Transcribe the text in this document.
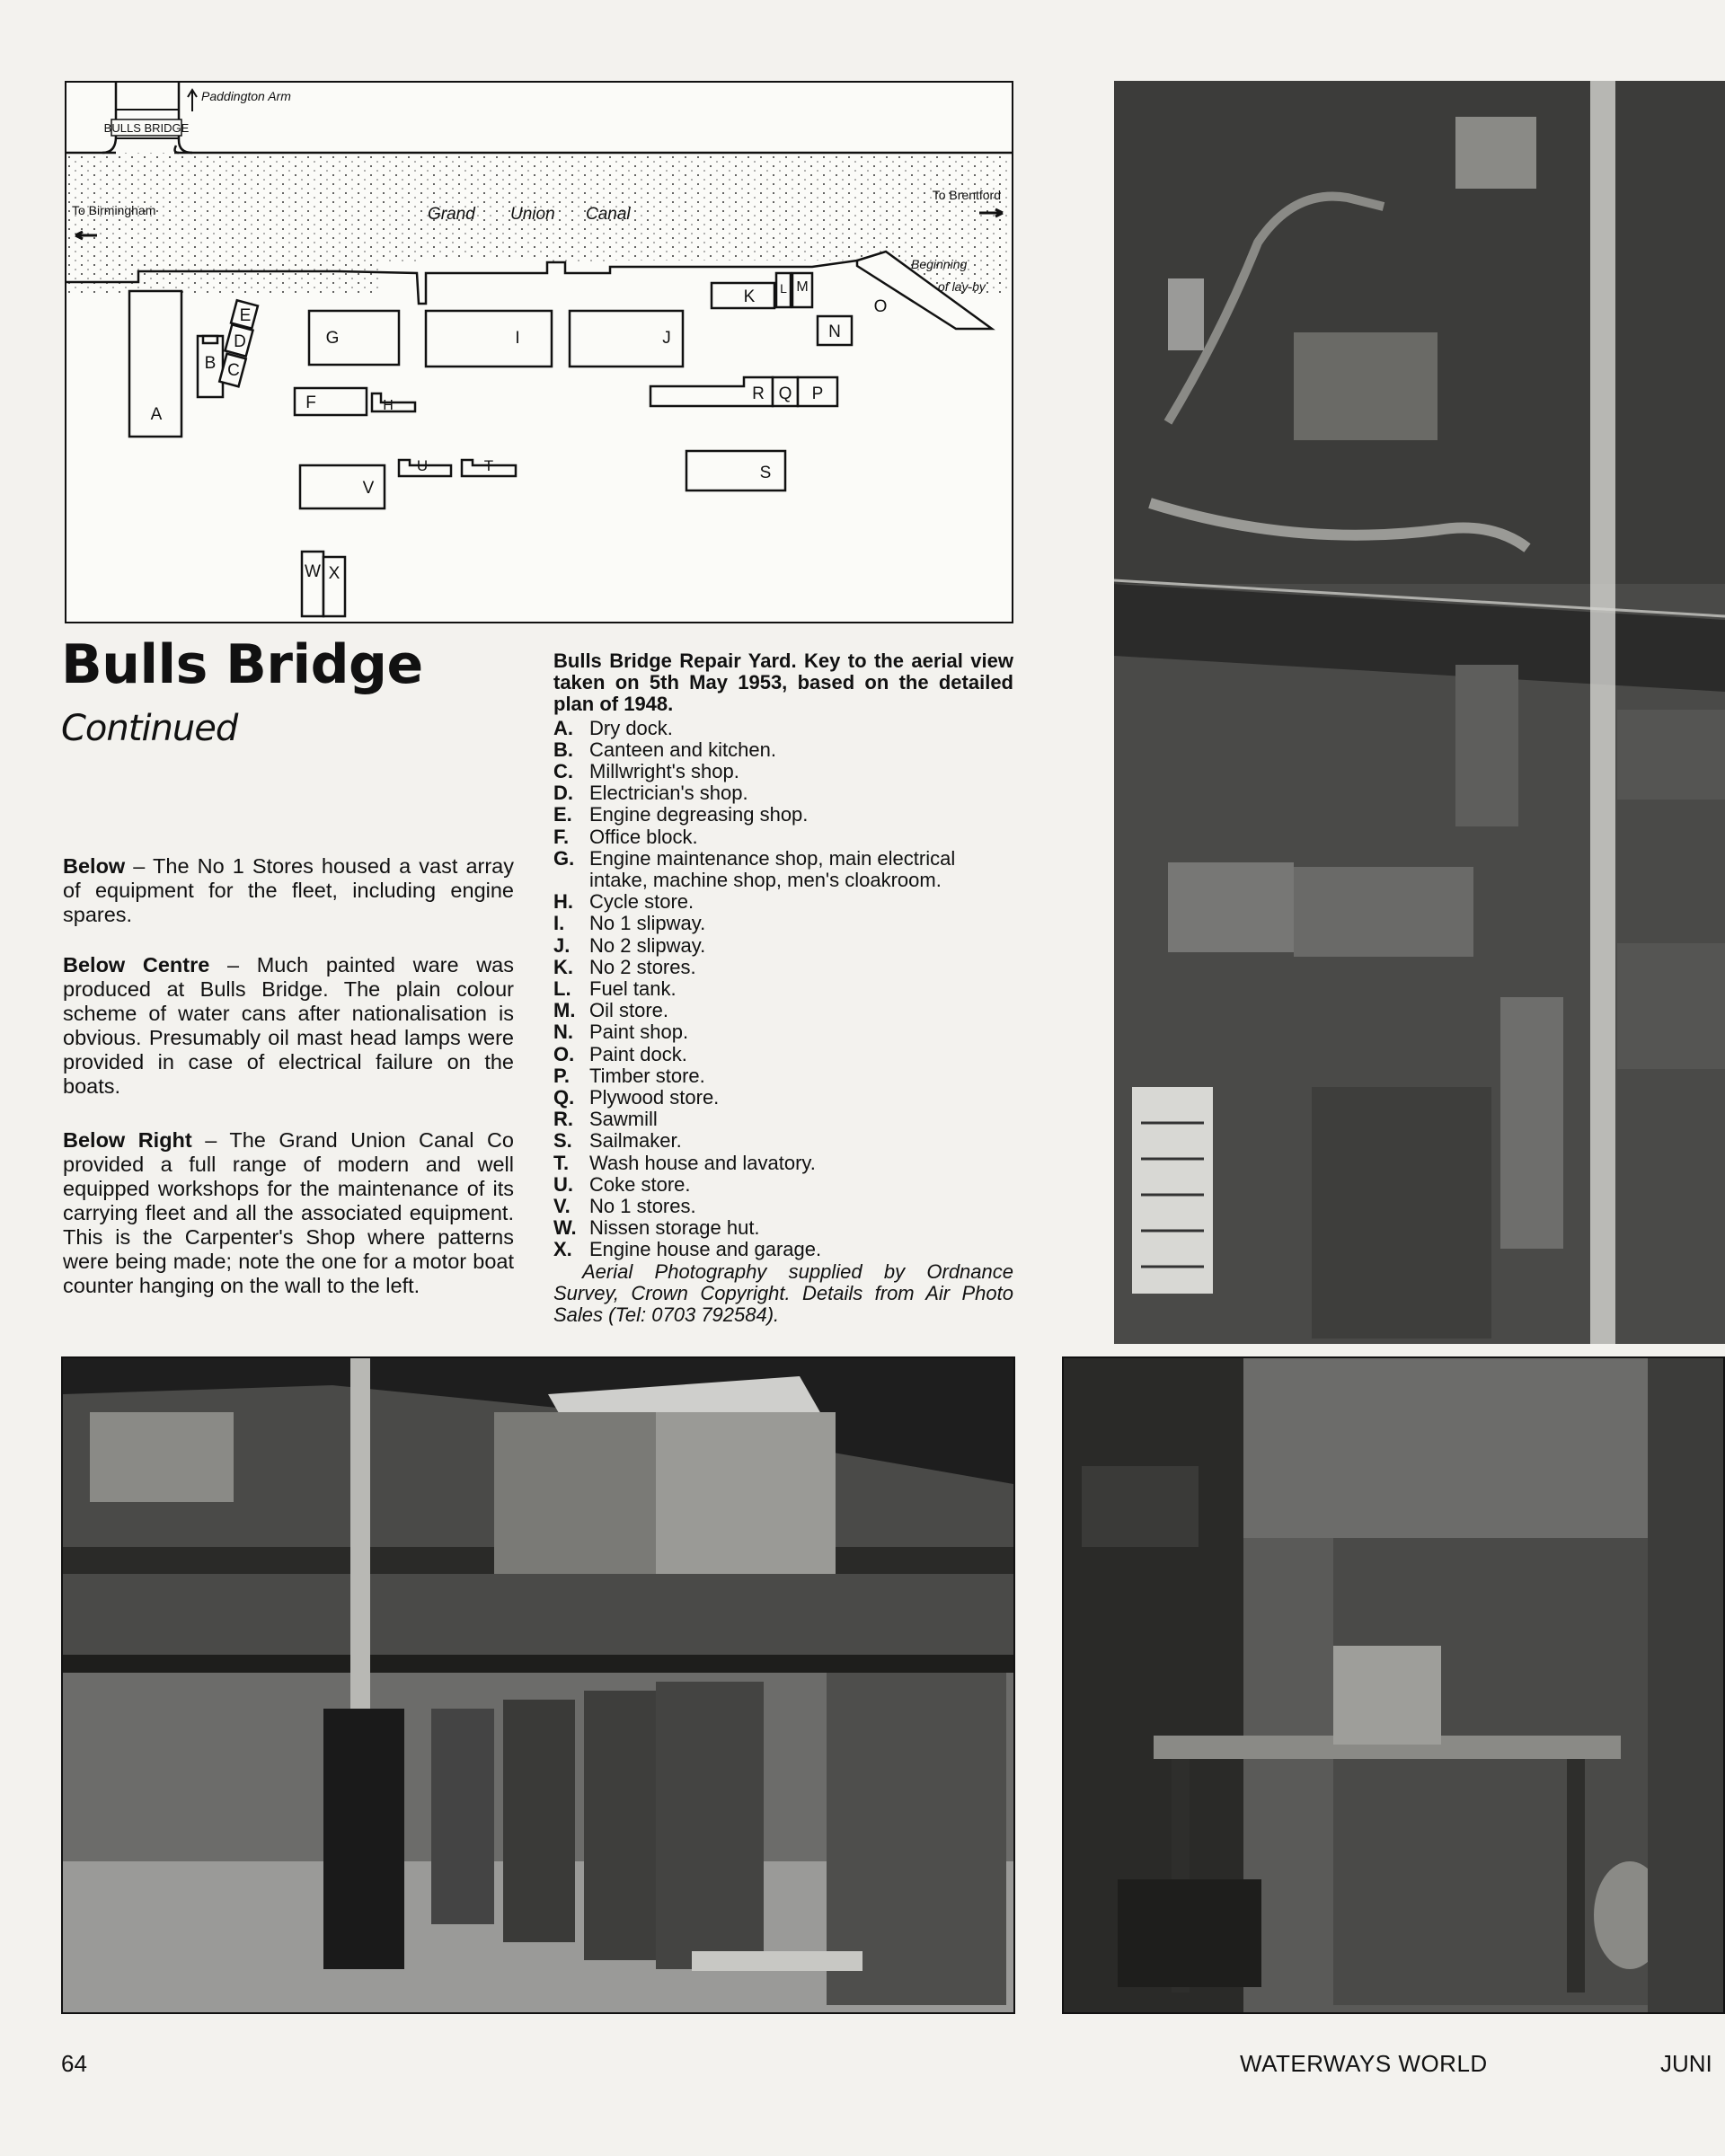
BULLS BRIDGE
Paddington Arm
Beginning
of lay-by
To Birmingham
To Brentford
Grand Union Canal
A
B C
D
E
F
G
H
I	J
K L M
N
O
P
Q
R
S
T
U
V
W X
Bulls Bridge
Continued
Below – The No 1 Stores housed a vast array of equipment for the fleet, including engine spares.
Below Centre – Much painted ware was produced at Bulls Bridge. The plain colour scheme of water cans after nationalisation is obvious. Presumably oil mast head lamps were provided in case of electrical failure on the boats.
Below Right – The Grand Union Canal Co provided a full range of modern and well equipped workshops for the maintenance of its carrying fleet and all the associated equipment. This is the Carpenter's Shop where patterns were being made; note the one for a motor boat counter hanging on the wall to the left.
Bulls Bridge Repair Yard. Key to the aerial view taken on 5th May 1953, based on the detailed plan of 1948.
A. Dry dock.
B. Canteen and kitchen.
C. Millwright's shop.
D. Electrician's shop.
E. Engine degreasing shop.
F.	Office block.
G. Engine maintenance shop, main electrical intake, machine shop, men's cloakroom.
H. Cycle store.
I.	No 1 slipway.
J. No 2 slipway.
K. No 2 stores.
L. Fuel tank.
M. Oil store.
N. Paint shop.
O. Paint dock.
P.	Timber store.
Q. Plywood store.
R. Sawmill
S. Sailmaker.
T.	Wash house and lavatory.
U. Coke store.
V. No 1 stores.
W. Nissen storage hut.
X. Engine house and garage.
Aerial Photography supplied by Ordnance Survey, Crown Copyright. Details from Air Photo Sales (Tel: 0703 792584).
64	WATERWAYS WORLD	JUNI
